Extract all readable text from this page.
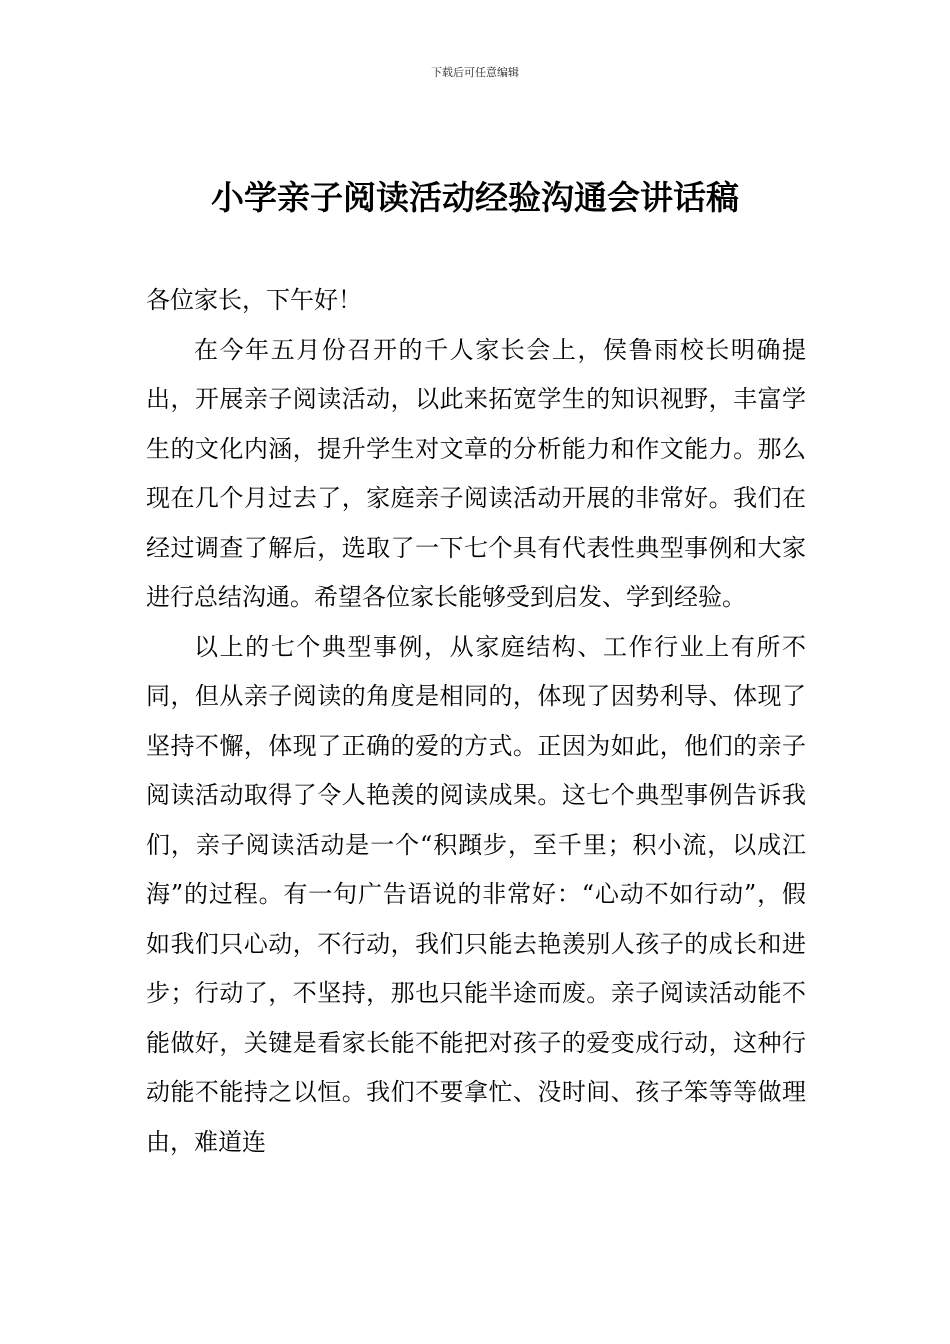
下载后可任意编辑
小学亲子阅读活动经验沟通会讲话稿

各位家长，下午好！

在今年五月份召开的千人家长会上，侯鲁雨校长明确提出，开展亲子阅读活动，以此来拓宽学生的知识视野，丰富学生的文化内涵，提升学生对文章的分析能力和作文能力。那么现在几个月过去了，家庭亲子阅读活动开展的非常好。我们在经过调查了解后，选取了一下七个具有代表性典型事例和大家进行总结沟通。希望各位家长能够受到启发、学到经验。

以上的七个典型事例，从家庭结构、工作行业上有所不同，但从亲子阅读的角度是相同的，体现了因势利导、体现了坚持不懈，体现了正确的爱的方式。正因为如此，他们的亲子阅读活动取得了令人艳羡的阅读成果。这七个典型事例告诉我们，亲子阅读活动是一个“积蹞步，至千里；积小流，以成江海”的过程。有一句广告语说的非常好：“心动不如行动”，假如我们只心动，不行动，我们只能去艳羡别人孩子的成长和进步；行动了，不坚持，那也只能半途而废。亲子阅读活动能不能做好，关键是看家长能不能把对孩子的爱变成行动，这种行动能不能持之以恒。我们不要拿忙、没时间、孩子笨等等做理由，难道连
